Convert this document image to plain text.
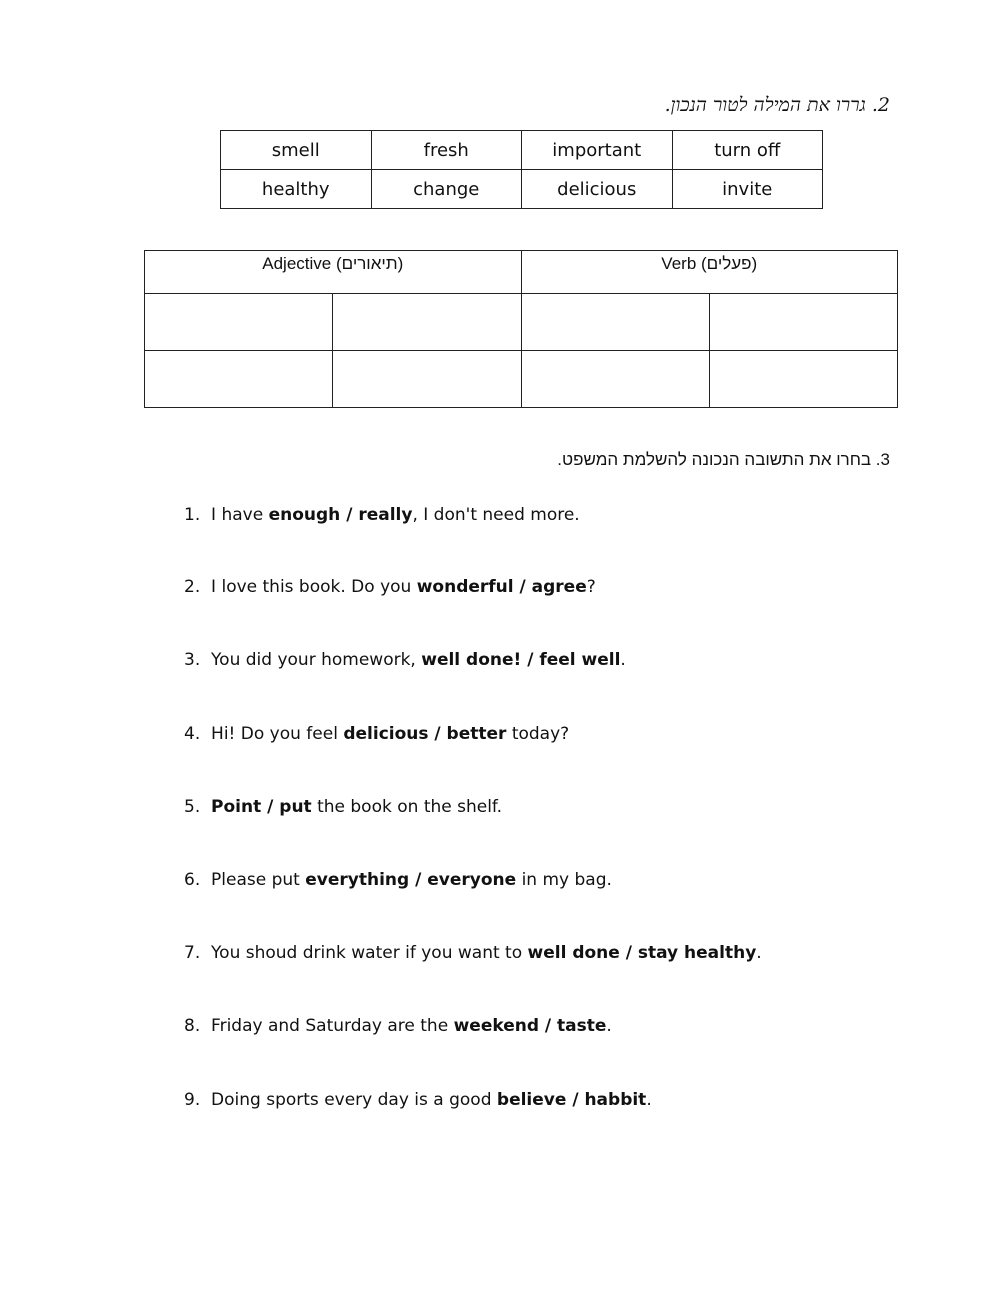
2. גררו את המילה לטור הנכון.
smell	fresh	important	turn off
healthy	change	delicious	invite
Adjective (תיאורים)		Verb (פעלים)	

3. בחרו את התשובה הנכונה להשלמת המשפט.
1. I have enough / really, I don't need more.
2. I love this book. Do you wonderful / agree?
3. You did your homework, well done! / feel well.
4. Hi! Do you feel delicious / better today?
5. Point / put the book on the shelf.
6. Please put everything / everyone in my bag.
7. You shoud drink water if you want to well done / stay healthy.
8. Friday and Saturday are the weekend / taste.
9. Doing sports every day is a good believe / habbit.
